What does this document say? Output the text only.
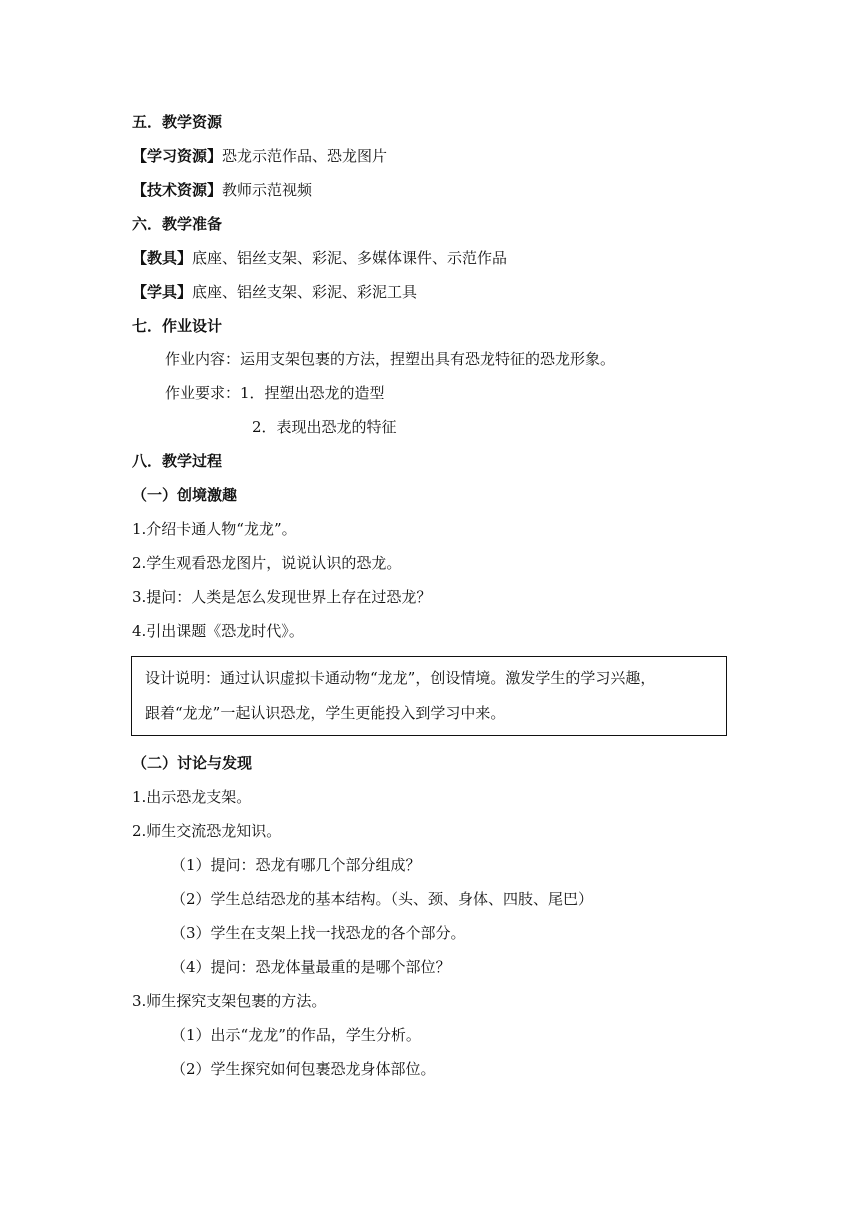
五．教学资源
【学习资源】恐龙示范作品、恐龙图片
【技术资源】教师示范视频
六．教学准备
【教具】底座、铝丝支架、彩泥、多媒体课件、示范作品
【学具】底座、铝丝支架、彩泥、彩泥工具
七．作业设计
作业内容：运用支架包裹的方法，捏塑出具有恐龙特征的恐龙形象。
作业要求：1．捏塑出恐龙的造型
2．表现出恐龙的特征
八．教学过程
（一）创境激趣
1.介绍卡通人物“龙龙”。
2.学生观看恐龙图片，说说认识的恐龙。
3.提问：人类是怎么发现世界上存在过恐龙？
4.引出课题《恐龙时代》。
设计说明：通过认识虚拟卡通动物“龙龙”，创设情境。激发学生的学习兴趣，
跟着“龙龙”一起认识恐龙，学生更能投入到学习中来。
（二）讨论与发现
1.出示恐龙支架。
2.师生交流恐龙知识。
（1）提问：恐龙有哪几个部分组成？
（2）学生总结恐龙的基本结构。（头、颈、身体、四肢、尾巴）
（3）学生在支架上找一找恐龙的各个部分。
（4）提问：恐龙体量最重的是哪个部位？
3.师生探究支架包裹的方法。
（1）出示“龙龙”的作品，学生分析。
（2）学生探究如何包裹恐龙身体部位。
